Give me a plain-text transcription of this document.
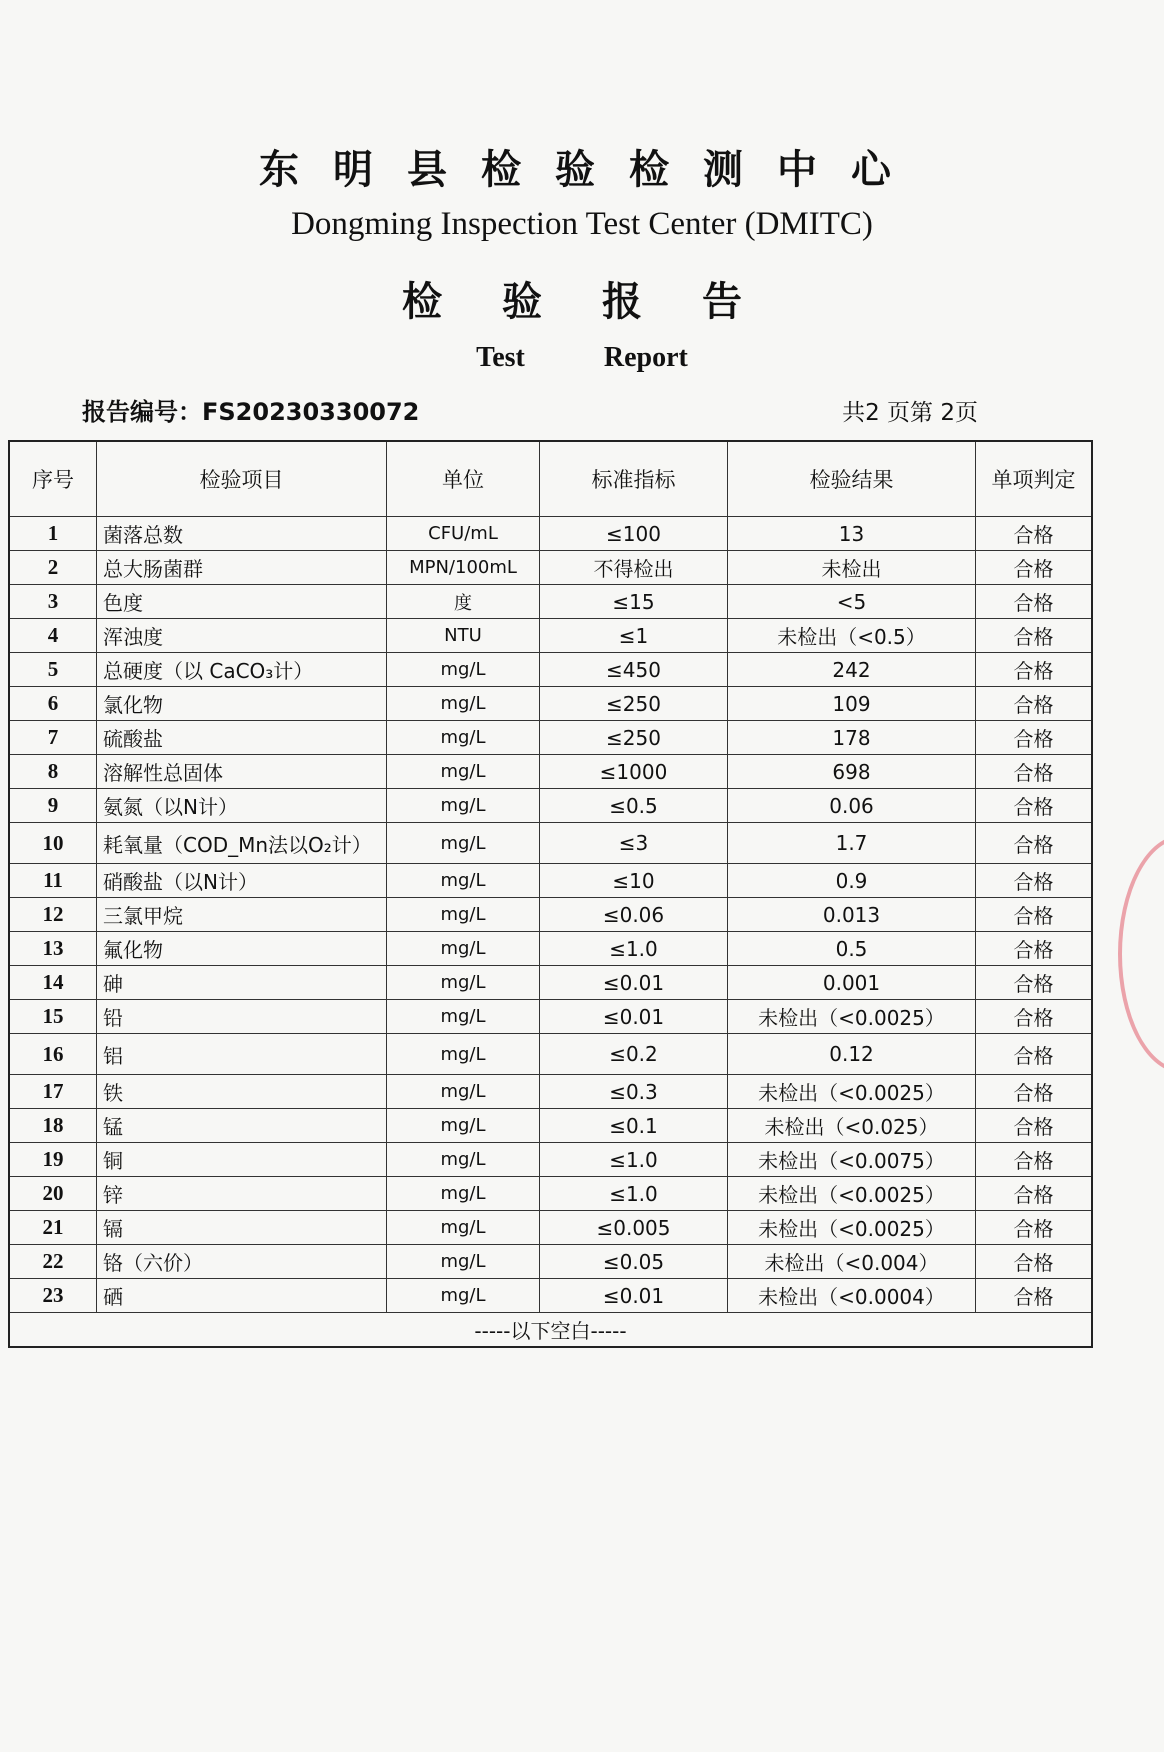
东明县检验检测中心
Dongming Inspection Test Center (DMITC)
检验报告
Test Report
报告编号：FS20230330072	共2 页第 2页
序号	检验项目	单位	标准指标	检验结果	单项判定
1	菌落总数	CFU/mL	≤100	13	合格
2	总大肠菌群	MPN/100mL	不得检出	未检出	合格
3	色度	度	≤15	<5	合格
4	浑浊度	NTU	≤1	未检出（<0.5）	合格
5	总硬度（以 CaCO₃计）	mg/L	≤450	242	合格
6	氯化物	mg/L	≤250	109	合格
7	硫酸盐	mg/L	≤250	178	合格
8	溶解性总固体	mg/L	≤1000	698	合格
9	氨氮（以N计）	mg/L	≤0.5	0.06	合格
10	耗氧量（COD_Mn法以O₂计）	mg/L	≤3	1.7	合格
11	硝酸盐（以N计）	mg/L	≤10	0.9	合格
12	三氯甲烷	mg/L	≤0.06	0.013	合格
13	氟化物	mg/L	≤1.0	0.5	合格
14	砷	mg/L	≤0.01	0.001	合格
15	铅	mg/L	≤0.01	未检出（<0.0025）	合格
16	铝	mg/L	≤0.2	0.12	合格
17	铁	mg/L	≤0.3	未检出（<0.0025）	合格
18	锰	mg/L	≤0.1	未检出（<0.025）	合格
19	铜	mg/L	≤1.0	未检出（<0.0075）	合格
20	锌	mg/L	≤1.0	未检出（<0.0025）	合格
21	镉	mg/L	≤0.005	未检出（<0.0025）	合格
22	铬（六价）	mg/L	≤0.05	未检出（<0.004）	合格
23	硒	mg/L	≤0.01	未检出（<0.0004）	合格
-----以下空白-----					
